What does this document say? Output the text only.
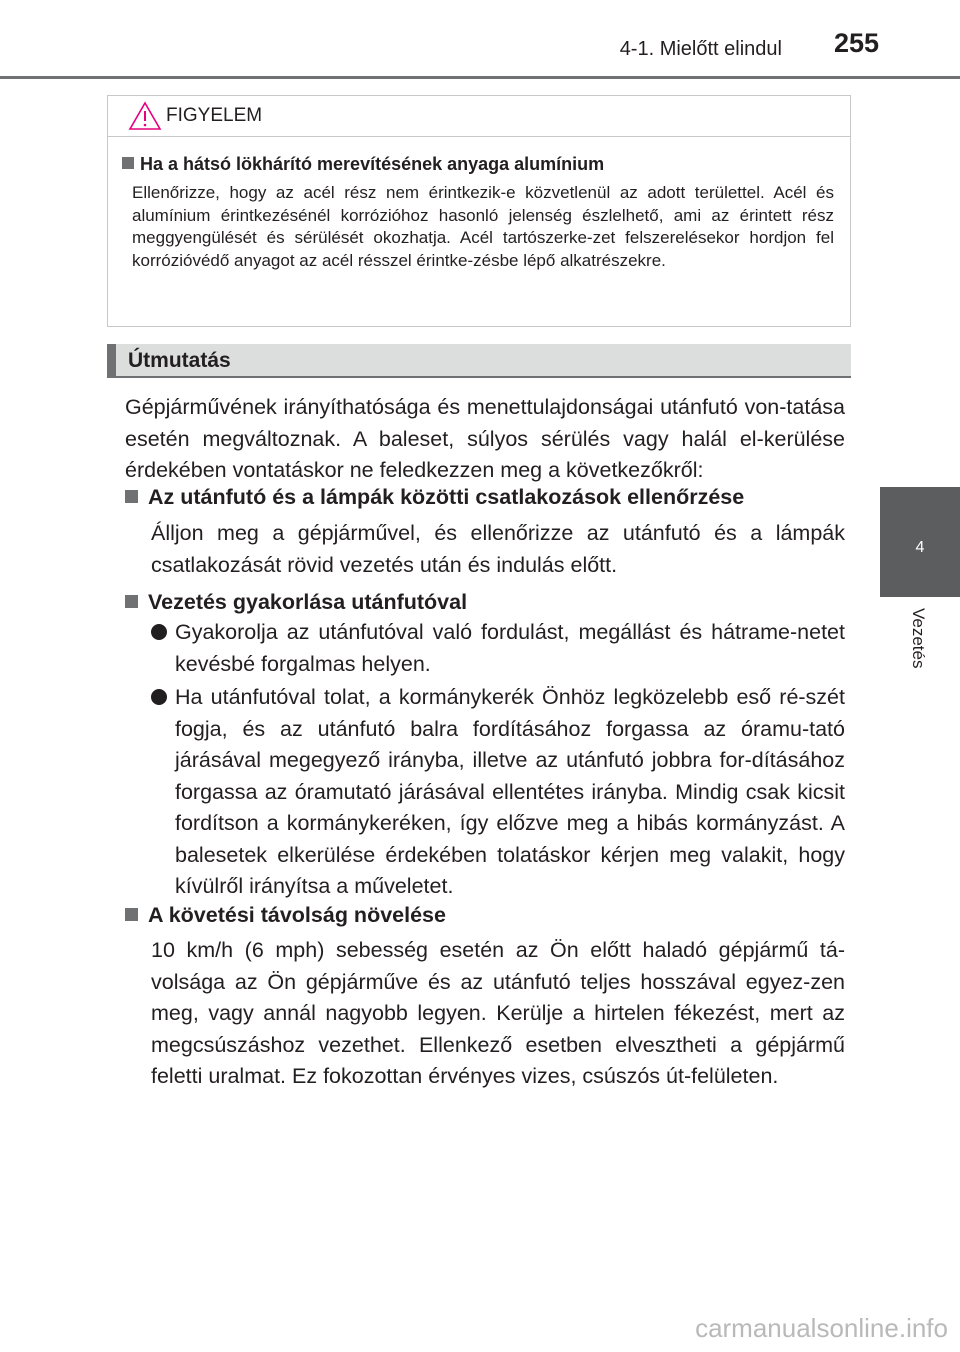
4-1. Mielőtt elindul 255
4
Vezetés
FIGYELEM
Ha a hátsó lökhárító merevítésének anyaga alumínium
Ellenőrizze, hogy az acél rész nem érintkezik-e közvetlenül az adott területtel. Acél és alumínium érintkezésénél korrózióhoz hasonló jelenség észlelhető, ami az érintett rész meggyengülését és sérülését okozhatja. Acél tartószerke-zet felszerelésekor hordjon fel korrózióvédő anyagot az acél résszel érintke-zésbe lépő alkatrészekre.
Útmutatás
Gépjárművének irányíthatósága és menettulajdonságai utánfutó von-tatása esetén megváltoznak. A baleset, súlyos sérülés vagy halál el-kerülése érdekében vontatáskor ne feledkezzen meg a következőkről:
Az utánfutó és a lámpák közötti csatlakozások ellenőrzése
Álljon meg a gépjárművel, és ellenőrizze az utánfutó és a lámpák csatlakozását rövid vezetés után és indulás előtt.
Vezetés gyakorlása utánfutóval
Gyakorolja az utánfutóval való fordulást, megállást és hátrame-netet kevésbé forgalmas helyen.
Ha utánfutóval tolat, a kormánykerék Önhöz legközelebb eső ré-szét fogja, és az utánfutó balra fordításához forgassa az óramu-tató járásával megegyező irányba, illetve az utánfutó jobbra for-dításához forgassa az óramutató járásával ellentétes irányba. Mindig csak kicsit fordítson a kormánykeréken, így előzve meg a hibás kormányzást. A balesetek elkerülése érdekében tolatáskor kérjen meg valakit, hogy kívülről irányítsa a műveletet.
A követési távolság növelése
10 km/h (6 mph) sebesség esetén az Ön előtt haladó gépjármű tá-volsága az Ön gépjárműve és az utánfutó teljes hosszával egyez-zen meg, vagy annál nagyobb legyen. Kerülje a hirtelen fékezést, mert az megcsúszáshoz vezethet. Ellenkező esetben elvesztheti a gépjármű feletti uralmat. Ez fokozottan érvényes vizes, csúszós út-felületen.
carmanualsonline.info
